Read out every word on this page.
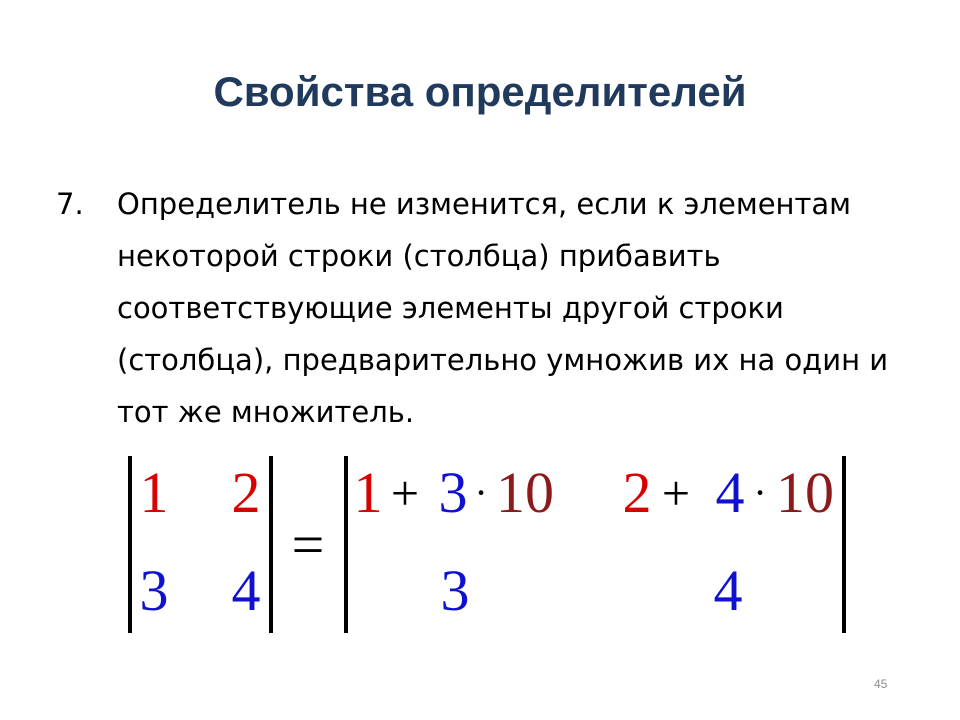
Свойства определителей
7. Определитель не изменится, если к элементам некоторой строки (столбца) прибавить соответствующие элементы другой строки (столбца), предварительно умножив их на один и тот же множитель.
1 2
3 4
=
1 + 3 · 10 2 + 4 · 10
3	4
45
